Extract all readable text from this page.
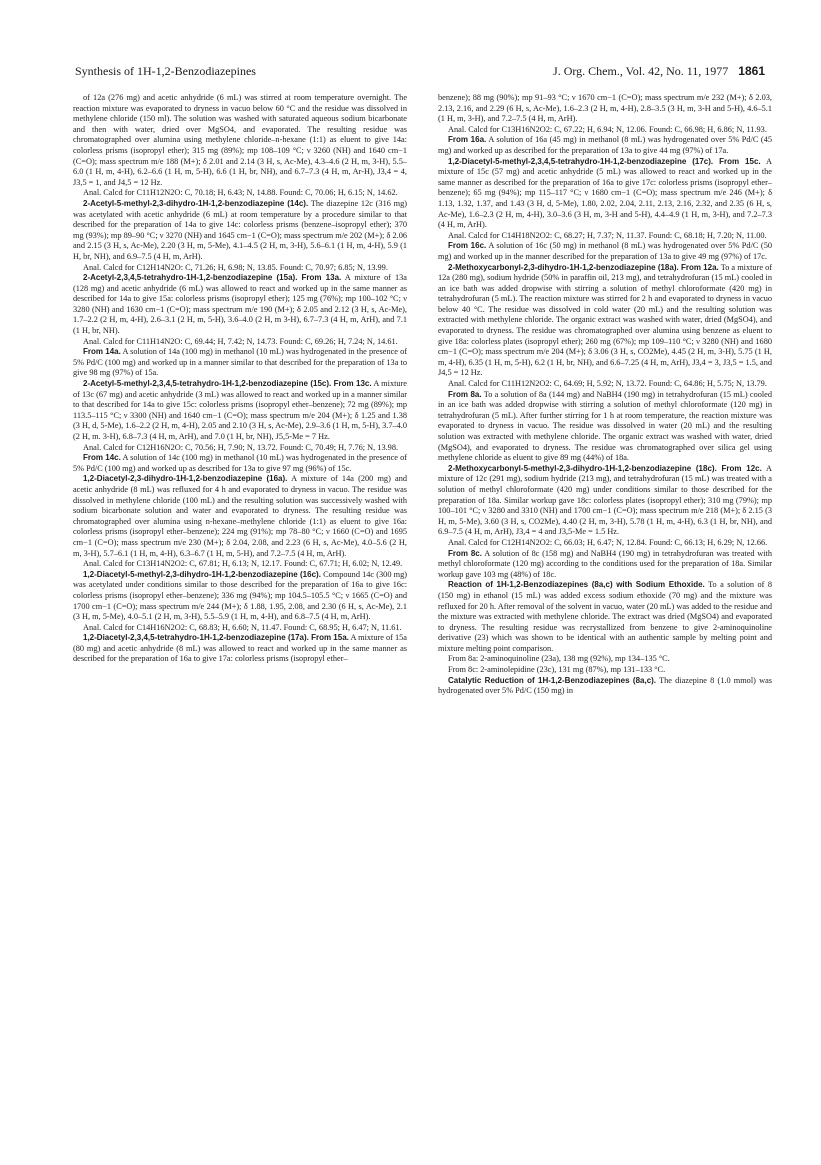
Synthesis of 1H-1,2-Benzodiazepines	J. Org. Chem., Vol. 42, No. 11, 1977 1861

of 12a (276 mg) and acetic anhydride (6 mL) was stirred at room temperature overnight. The reaction mixture was evaporated to dryness in vacuo below 60 °C and the residue was dissolved in methylene chloride (150 ml). The solution was washed with saturated aqueous sodium bicarbonate and then with water, dried over MgSO4, and evaporated. The resulting residue was chromatographed over alumina using methylene chloride–n-hexane (1:1) as eluent to give 14a: colorless prisms (isopropyl ether); 315 mg (89%); mp 108–109 °C; ν 3260 (NH) and 1640 cm−1 (C=O); mass spectrum m/e 188 (M+); δ 2.01 and 2.14 (3 H, s, Ac-Me), 4.3–4.6 (2 H, m, 3-H), 5.5–6.0 (1 H, m, 4-H), 6.2–6.6 (1 H, m, 5-H), 6.6 (1 H, br, NH), and 6.7–7.3 (4 H, m, Ar-H), J3,4 = 4, J3,5 = 1, and J4,5 = 12 Hz.

Anal. Calcd for C11H12N2O: C, 70.18; H, 6.43; N, 14.88. Found: C, 70.06; H, 6.15; N, 14.62.

2-Acetyl-5-methyl-2,3-dihydro-1H-1,2-benzodiazepine (14c). The diazepine 12c (316 mg) was acetylated with acetic anhydride (6 mL) at room temperature by a procedure similar to that described for the preparation of 14a to give 14c: colorless prisms (benzene–isopropyl ether); 370 mg (93%); mp 89–90 °C; ν 3270 (NH) and 1645 cm−1 (C=O); mass spectrum m/e 202 (M+); δ 2.06 and 2.15 (3 H, s, Ac-Me), 2.20 (3 H, m, 5-Me), 4.1–4.5 (2 H, m, 3-H), 5.6–6.1 (1 H, m, 4-H), 5.9 (1 H, br, NH), and 6.9–7.5 (4 H, m, ArH).

Anal. Calcd for C12H14N2O: C, 71.26; H, 6.98; N, 13.85. Found: C, 70.97; 6.85; N, 13.99.

2-Acetyl-2,3,4,5-tetrahydro-1H-1,2-benzodiazepine (15a). From 13a. A mixture of 13a (128 mg) and acetic anhydride (6 mL) was allowed to react and worked up in the same manner as described for 14a to give 15a: colorless prisms (isopropyl ether); 125 mg (76%); mp 100–102 °C; ν 3280 (NH) and 1630 cm−1 (C=O); mass spectrum m/e 190 (M+); δ 2.05 and 2.12 (3 H, s, Ac-Me), 1.7–2.2 (2 H, m, 4-H), 2.6–3.1 (2 H, m, 5-H), 3.6–4.0 (2 H, m 3-H), 6.7–7.3 (4 H, m, ArH), and 7.1 (1 H, br, NH).

Anal. Calcd for C11H14N2O: C, 69.44; H, 7.42; N, 14.73. Found: C, 69.26; H, 7.24; N, 14.61.

From 14a. A solution of 14a (100 mg) in methanol (10 mL) was hydrogenated in the presence of 5% Pd/C (100 mg) and worked up in a manner similar to that described for the preparation of 13a to give 98 mg (97%) of 15a.

2-Acetyl-5-methyl-2,3,4,5-tetrahydro-1H-1,2-benzodiazepine (15c). From 13c. A mixture of 13c (67 mg) and acetic anhydride (3 mL) was allowed to react and worked up in a manner similar to that described for 14a to give 15c: colorless prisms (isopropyl ether–benzene); 72 mg (89%); mp 113.5–115 °C; ν 3300 (NH) and 1640 cm−1 (C=O); mass spectrum m/e 204 (M+); δ 1.25 and 1.38 (3 H, d, 5-Me), 1.6–2.2 (2 H, m, 4-H), 2.05 and 2.10 (3 H, s, Ac-Me), 2.9–3.6 (1 H, m, 5-H), 3.7–4.0 (2 H, m. 3-H), 6.8–7.3 (4 H, m, ArH), and 7.0 (1 H, br, NH), J5,5-Me = 7 Hz.

Anal. Calcd for C12H16N2O: C, 70.56; H, 7.90; N, 13.72. Found: C, 70.49; H, 7.76; N, 13.98.

From 14c. A solution of 14c (100 mg) in methanol (10 mL) was hydrogenated in the presence of 5% Pd/C (100 mg) and worked up as described for 13a to give 97 mg (96%) of 15c.

1,2-Diacetyl-2,3-dihydro-1H-1,2-benzodiazepine (16a). A mixture of 14a (200 mg) and acetic anhydride (8 mL) was refluxed for 4 h and evaporated to dryness in vacuo. The residue was dissolved in methylene chloride (100 mL) and the resulting solution was successively washed with sodium bicarbonate solution and water and evaporated to dryness. The resulting residue was chromatographed over alumina using n-hexane–methylene chloride (1:1) as eluent to give 16a: colorless prisms (isopropyl ether–benzene); 224 mg (91%); mp 78–80 °C; ν 1660 (C=O) and 1695 cm−1 (C=O); mass spectrum m/e 230 (M+); δ 2.04, 2.08, and 2.23 (6 H, s, Ac-Me), 4.0–5.6 (2 H, m, 3-H), 5.7–6.1 (1 H, m, 4-H), 6.3–6.7 (1 H, m, 5-H), and 7.2–7.5 (4 H, m, ArH).

Anal. Calcd for C13H14N2O2: C, 67.81; H, 6.13; N, 12.17. Found: C, 67.71; H, 6.02; N, 12.49.

1,2-Diacetyl-5-methyl-2,3-dihydro-1H-1,2-benzodiazepine (16c). Compound 14c (300 mg) was acetylated under conditions similar to those described for the preparation of 16a to give 16c: colorless prisms (isopropyl ether–benzene); 336 mg (94%); mp 104.5–105.5 °C; ν 1665 (C=O) and 1700 cm−1 (C=O); mass spectrum m/e 244 (M+); δ 1.88, 1.95, 2.08, and 2.30 (6 H, s, Ac-Me), 2.1 (3 H, m, 5-Me), 4.0–5.1 (2 H, m, 3-H), 5.5–5.9 (1 H, m, 4-H), and 6.8–7.5 (4 H, m, ArH).

Anal. Calcd for C14H16N2O2: C, 68.83; H, 6.60; N, 11.47. Found: C, 68.95; H, 6.47; N, 11.61.

1,2-Diacetyl-2,3,4,5-tetrahydro-1H-1,2-benzodiazepine (17a). From 15a. A mixture of 15a (80 mg) and acetic anhydride (8 mL) was allowed to react and worked up in the same manner as described for the preparation of 16a to give 17a: colorless prisms (isopropyl ether–

benzene); 88 mg (90%); mp 91–93 °C; ν 1670 cm−1 (C=O); mass spectrum m/e 232 (M+); δ 2.03, 2.13, 2.16, and 2.29 (6 H, s, Ac-Me), 1.6–2.3 (2 H, m, 4-H), 2.8–3.5 (3 H, m, 3-H and 5-H), 4.6–5.1 (1 H, m, 3-H), and 7.2–7.5 (4 H, m, ArH).

Anal. Calcd for C13H16N2O2: C, 67.22; H, 6.94; N, 12.06. Found: C, 66.98; H, 6.86; N, 11.93.

From 16a. A solution of 16a (45 mg) in methanol (8 mL) was hydrogenated over 5% Pd/C (45 mg) and worked up as described for the preparation of 13a to give 44 mg (97%) of 17a.

1,2-Diacetyl-5-methyl-2,3,4,5-tetrahydro-1H-1,2-benzodiazepine (17c). From 15c. A mixture of 15c (57 mg) and acetic anhydride (5 mL) was allowed to react and worked up in the same manner as described for the preparation of 16a to give 17c: colorless prisms (isopropyl ether–benzene); 65 mg (94%); mp 115–117 °C; ν 1680 cm−1 (C=O); mass spectrum m/e 246 (M+); δ 1.13, 1.32, 1.37, and 1.43 (3 H, d, 5-Me), 1.80, 2.02, 2.04, 2.11, 2.13, 2.16, 2.32, and 2.35 (6 H, s, Ac-Me), 1.6–2.3 (2 H, m, 4-H), 3.0–3.6 (3 H, m, 3-H and 5-H), 4.4–4.9 (1 H, m, 3-H), and 7.2–7.3 (4 H, m, ArH).

Anal. Calcd for C14H18N2O2: C, 68.27; H, 7.37; N, 11.37. Found: C, 68.18; H, 7.20; N, 11.00.

From 16c. A solution of 16c (50 mg) in methanol (8 mL) was hydrogenated over 5% Pd/C (50 mg) and worked up in the manner described for the preparation of 13a to give 49 mg (97%) of 17c.

2-Methoxycarbonyl-2,3-dihydro-1H-1,2-benzodiazepine (18a). From 12a. To a mixture of 12a (280 mg), sodium hydride (50% in paraffin oil, 213 mg), and tetrahydrofuran (15 mL) cooled in an ice bath was added dropwise with stirring a solution of methyl chloroformate (420 mg) in tetrahydrofuran (5 mL). The reaction mixture was stirred for 2 h and evaporated to dryness in vacuo below 40 °C. The residue was dissolved in cold water (20 mL) and the resulting solution was extracted with methylene chloride. The organic extract was washed with water, dried (MgSO4), and evaporated to dryness. The residue was chromatographed over alumina using benzene as eluent to give 18a: colorless plates (isopropyl ether); 260 mg (67%); mp 109–110 °C; ν 3280 (NH) and 1680 cm−1 (C=O); mass spectrum m/e 204 (M+); δ 3.06 (3 H, s, CO2Me), 4.45 (2 H, m, 3-H), 5.75 (1 H, m, 4-H), 6.35 (1 H, m, 5-H), 6.2 (1 H, br, NH), and 6.6–7.25 (4 H, m, ArH), J3,4 = 3, J3,5 = 1.5, and J4,5 = 12 Hz.

Anal. Calcd for C11H12N2O2: C, 64.69; H, 5.92; N, 13.72. Found: C, 64.86; H, 5.75; N, 13.79.

From 8a. To a solution of 8a (144 mg) and NaBH4 (190 mg) in tetrahydrofuran (15 mL) cooled in an ice bath was added dropwise with stirring a solution of methyl chloroformate (120 mg) in tetrahydrofuran (5 mL). After further stirring for 1 h at room temperature, the reaction mixture was evaporated to dryness in vacuo. The residue was dissolved in water (20 mL) and the resulting solution was extracted with methylene chloride. The organic extract was washed with water, dried (MgSO4), and evaporated to dryness. The residue was chromatographed over silica gel using methylene chloride as eluent to give 89 mg (44%) of 18a.

2-Methoxycarbonyl-5-methyl-2,3-dihydro-1H-1,2-benzodiazepine (18c). From 12c. A mixture of 12c (291 mg), sodium hydride (213 mg), and tetrahydrofuran (15 mL) was treated with a solution of methyl chloroformate (420 mg) under conditions similar to those described for the preparation of 18a. Similar workup gave 18c: colorless plates (isopropyl ether); 310 mg (79%); mp 100–101 °C; ν 3280 and 3310 (NH) and 1700 cm−1 (C=O); mass spectrum m/e 218 (M+); δ 2.15 (3 H, m, 5-Me), 3.60 (3 H, s, CO2Me), 4.40 (2 H, m, 3-H), 5.78 (1 H, m, 4-H), 6.3 (1 H, br, NH), and 6.9–7.5 (4 H, m, ArH), J3,4 = 4 and J3,5-Me = 1.5 Hz.

Anal. Calcd for C12H14N2O2: C, 66.03; H, 6.47; N, 12.84. Found: C, 66.13; H, 6.29; N, 12.66.

From 8c. A solution of 8c (158 mg) and NaBH4 (190 mg) in tetrahydrofuran was treated with methyl chloroformate (120 mg) according to the conditions used for the preparation of 18a. Similar workup gave 103 mg (48%) of 18c.

Reaction of 1H-1,2-Benzodiazepines (8a,c) with Sodium Ethoxide. To a solution of 8 (150 mg) in ethanol (15 mL) was added excess sodium ethoxide (70 mg) and the mixture was refluxed for 20 h. After removal of the solvent in vacuo, water (20 mL) was added to the residue and the mixture was extracted with methylene chloride. The extract was dried (MgSO4) and evaporated to dryness. The resulting residue was recrystallized from benzene to give 2-aminoquinoline derivative (23) which was shown to be identical with an authentic sample by melting point and mixture melting point comparison.

From 8a: 2-aminoquinoline (23a), 138 mg (92%), mp 134–135 °C.

From 8c: 2-aminolepidine (23c), 131 mg (87%), mp 131–133 °C.

Catalytic Reduction of 1H-1,2-Benzodiazepines (8a,c). The diazepine 8 (1.0 mmol) was hydrogenated over 5% Pd/C (150 mg) in
